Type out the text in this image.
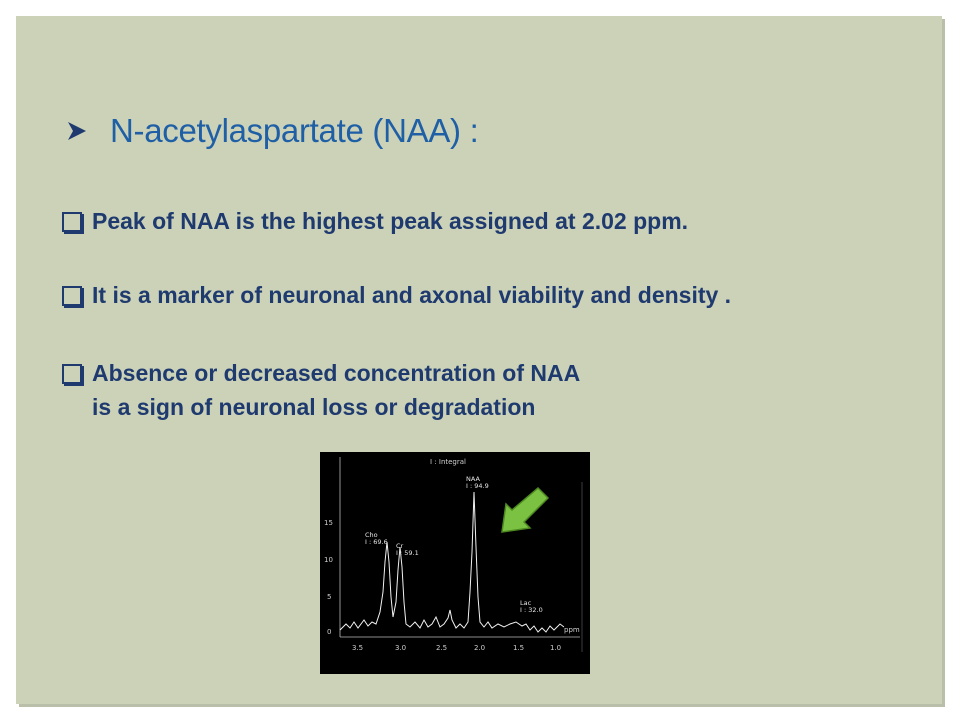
N-acetylaspartate (NAA) :
Peak of NAA is the highest peak assigned at 2.02 ppm.
It is a marker of neuronal and axonal viability and density .
Absence or decreased concentration of NAA is a sign of neuronal loss or degradation
15
10
5
0
3.5	3.0	2.5	2.0	1.5	1.0
ppm
I : Integral
Cho
I : 69.6 Cr
I : 59.1
NAA
I : 94.9
Lac
I : 32.0
